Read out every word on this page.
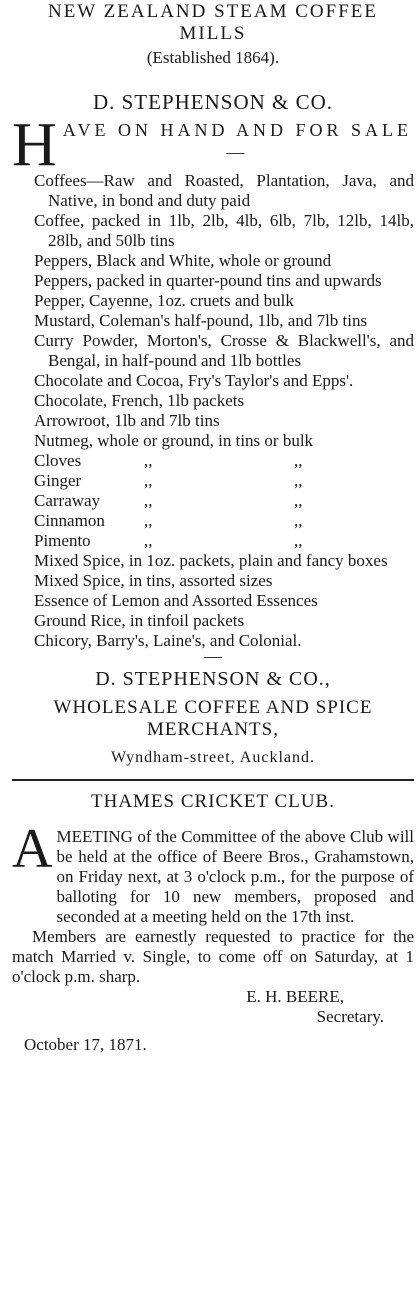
NEW ZEALAND STEAM COFFEE MILLS
(Established 1864).
D. STEPHENSON & CO.
H AVE ON HAND AND FOR SALE—
Coffees—Raw and Roasted, Plantation, Java, and Native, in bond and duty paid
Coffee, packed in 1lb, 2lb, 4lb, 6lb, 7lb, 12lb, 14lb, 28lb, and 50lb tins
Peppers, Black and White, whole or ground
Peppers, packed in quarter-pound tins and upwards
Pepper, Cayenne, 1oz. cruets and bulk
Mustard, Coleman's half-pound, 1lb, and 7lb tins
Curry Powder, Morton's, Crosse & Blackwell's, and Bengal, in half-pound and 1lb bottles
Chocolate and Cocoa, Fry's Taylor's and Epps'.
Chocolate, French, 1lb packets
Arrowroot, 1lb and 7lb tins
Nutmeg, whole or ground, in tins or bulk
Cloves	,,	,,
Ginger	,,	,,
Carraway	,,	,,
Cinnamon ,,	,,
Pimento	,,	,,
Mixed Spice, in 1oz. packets, plain and fancy boxes
Mixed Spice, in tins, assorted sizes
Essence of Lemon and Assorted Essences
Ground Rice, in tinfoil packets
Chicory, Barry's, Laine's, and Colonial.
D. STEPHENSON & CO.,
WHOLESALE COFFEE AND SPICE MERCHANTS,
Wyndham-street, Auckland.
THAMES CRICKET CLUB.
A MEETING of the Committee of the above Club will be held at the office of Beere Bros., Grahamstown, on Friday next, at 3 o'clock p.m., for the purpose of balloting for 10 new members, proposed and seconded at a meeting held on the 17th inst.
Members are earnestly requested to practice for the match Married v. Single, to come off on Saturday, at 1 o'clock p.m. sharp.
E. H. BEERE,
Secretary.
October 17, 1871.
